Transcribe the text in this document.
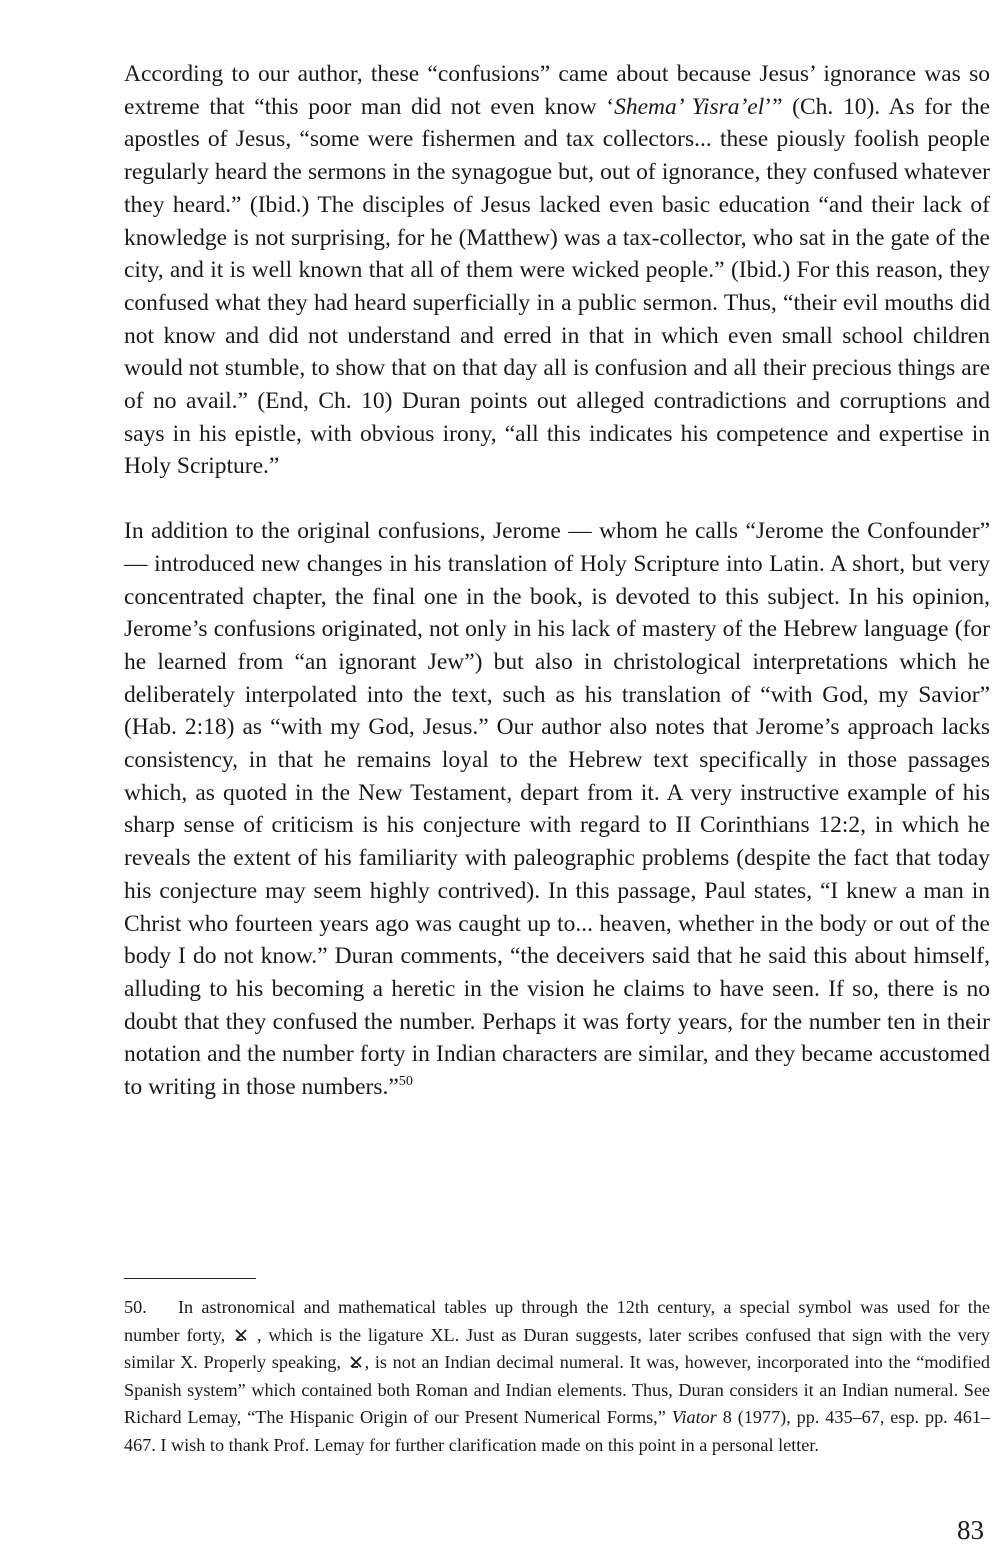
According to our author, these “confusions” came about because Jesus’ ignorance was so extreme that “this poor man did not even know ‘Shema’ Yisra’el’” (Ch. 10). As for the apostles of Jesus, “some were fishermen and tax collectors... these piously foolish people regularly heard the sermons in the synagogue but, out of ignorance, they confused whatever they heard.” (Ibid.) The disciples of Jesus lacked even basic education “and their lack of knowledge is not surprising, for he (Matthew) was a tax-collector, who sat in the gate of the city, and it is well known that all of them were wicked people.” (Ibid.) For this reason, they confused what they had heard superficially in a public sermon. Thus, “their evil mouths did not know and did not understand and erred in that in which even small school children would not stumble, to show that on that day all is confusion and all their precious things are of no avail.” (End, Ch. 10) Duran points out alleged contradictions and corruptions and says in his epistle, with obvious irony, “all this indicates his competence and expertise in Holy Scripture.”

In addition to the original confusions, Jerome — whom he calls “Jerome the Confounder” — introduced new changes in his translation of Holy Scripture into Latin. A short, but very concentrated chapter, the final one in the book, is devoted to this subject. In his opinion, Jerome’s confusions originated, not only in his lack of mastery of the Hebrew language (for he learned from “an ignorant Jew”) but also in christological interpretations which he deliberately interpolated into the text, such as his translation of “with God, my Savior” (Hab. 2:18) as “with my God, Jesus.” Our author also notes that Jerome’s approach lacks consistency, in that he remains loyal to the Hebrew text specifically in those passages which, as quoted in the New Testament, depart from it. A very instructive example of his sharp sense of criticism is his conjecture with regard to II Corinthians 12:2, in which he reveals the extent of his familiarity with paleographic problems (despite the fact that today his conjecture may seem highly contrived). In this passage, Paul states, “I knew a man in Christ who fourteen years ago was caught up to... heaven, whether in the body or out of the body I do not know.” Duran comments, “the deceivers said that he said this about himself, alluding to his becoming a heretic in the vision he claims to have seen. If so, there is no doubt that they confused the number. Perhaps it was forty years, for the number ten in their notation and the number forty in Indian characters are similar, and they became accustomed to writing in those numbers.”$^{50}$

50. In astronomical and mathematical tables up through the 12th century, a special symbol was used for the number forty,  , which is the ligature XL. Just as Duran suggests, later scribes confused that sign with the very similar X. Properly speaking, , is not an Indian decimal numeral. It was, however, incorporated into the “modified Spanish system” which contained both Roman and Indian elements. Thus, Duran considers it an Indian numeral. See Richard Lemay, “The Hispanic Origin of our Present Numerical Forms,” Viator 8 (1977), pp. 435–67, esp. pp. 461–467. I wish to thank Prof. Lemay for further clarification made on this point in a personal letter.

83
